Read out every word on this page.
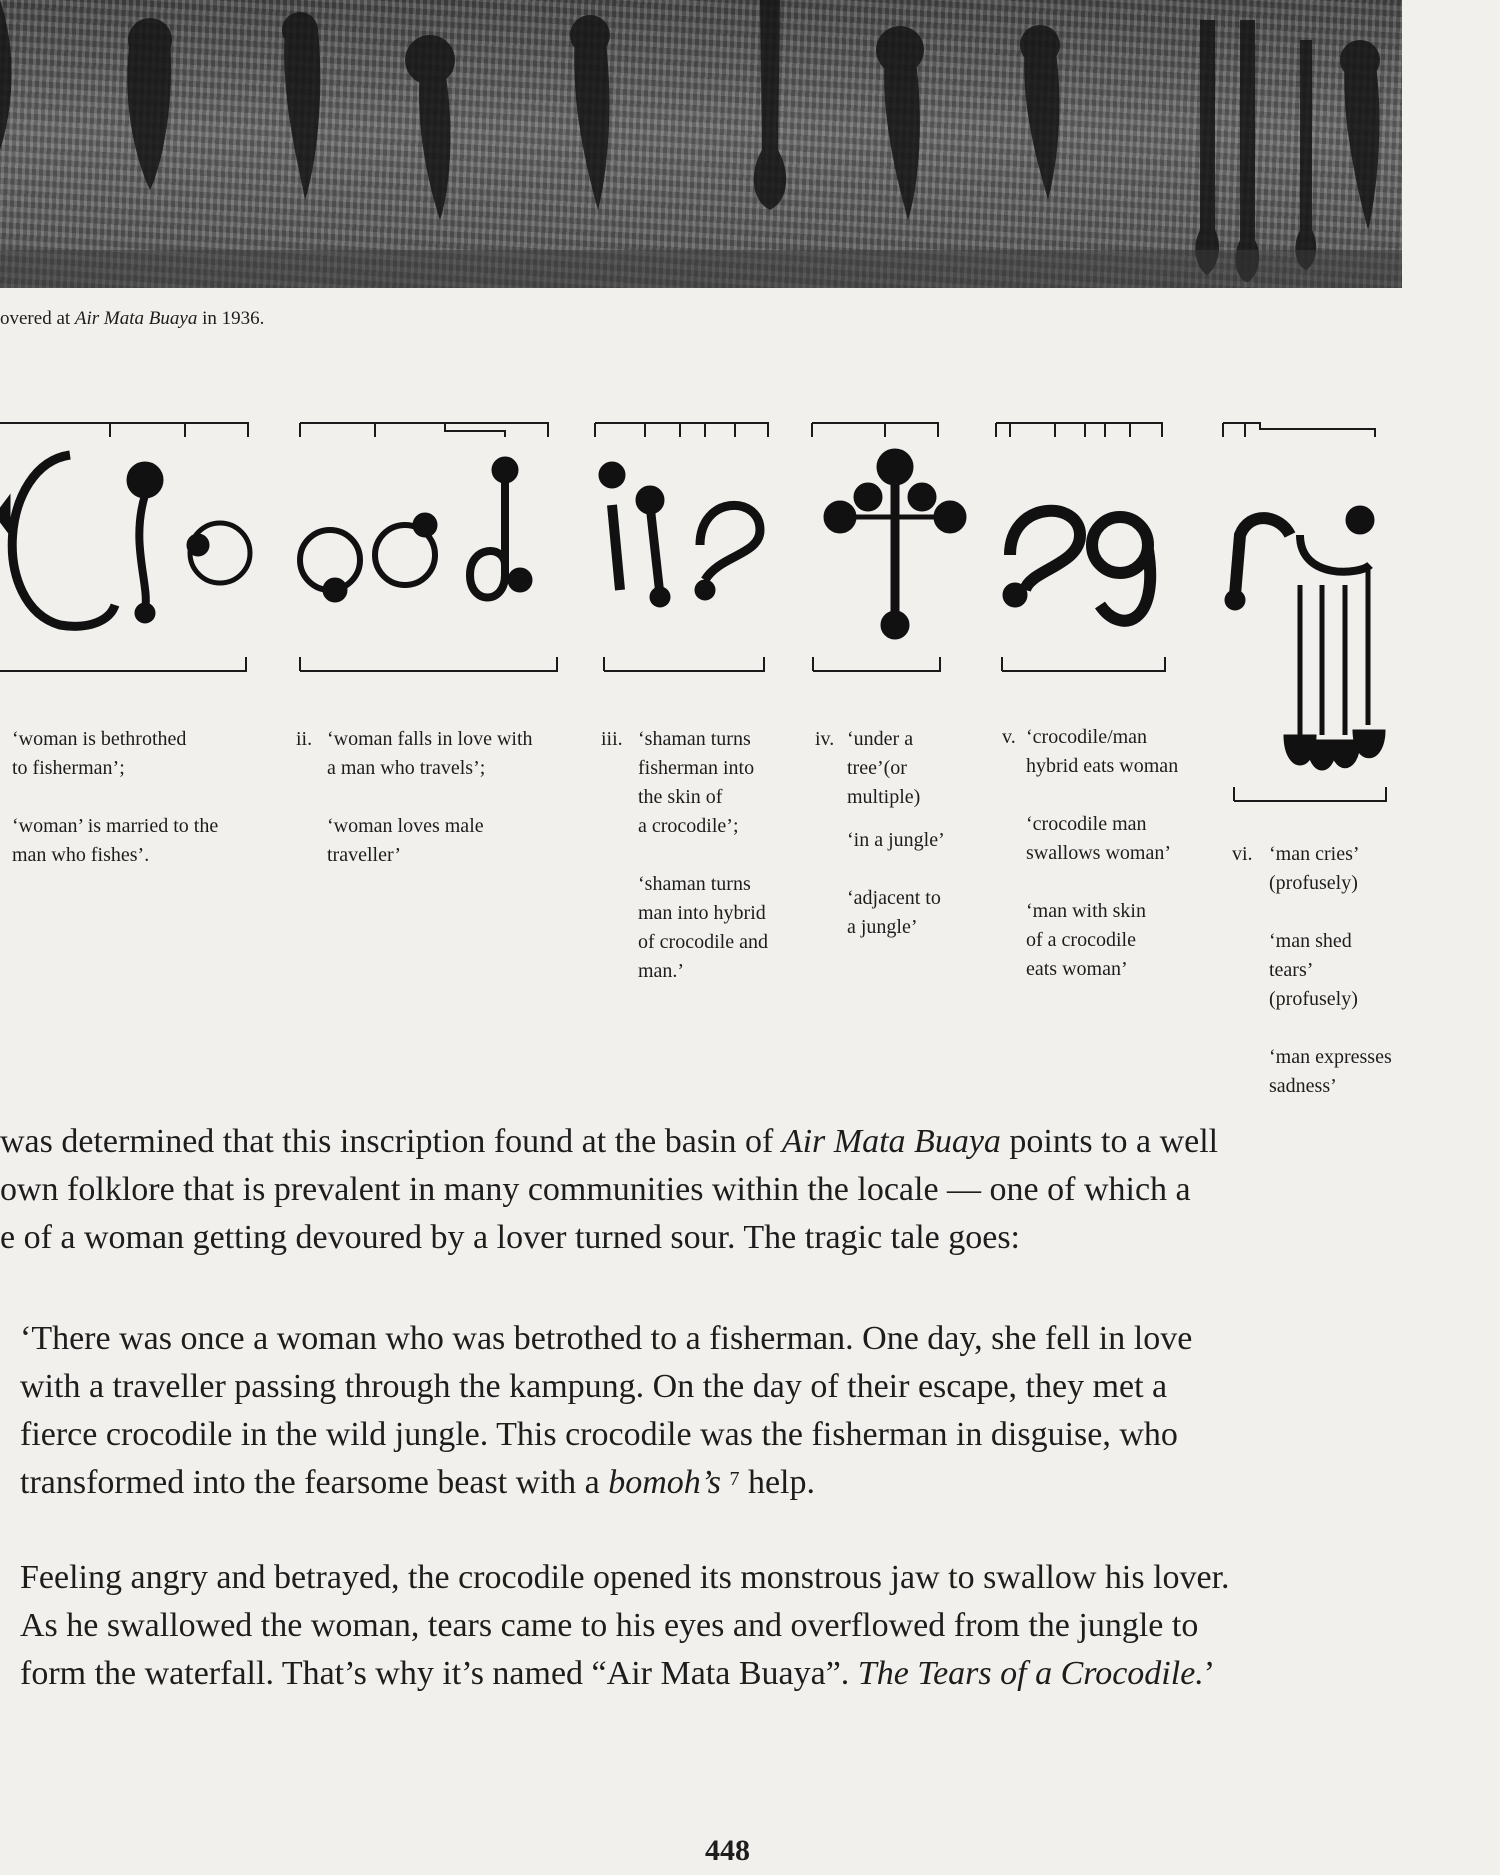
overed at Air Mata Buaya in 1936.

‘woman is bethrothed
to fisherman’;

‘woman’ is married to the
man who fishes’.

ii. ‘woman falls in love with
a man who travels’;

‘woman loves male
traveller’

iii. ‘shaman turns
fisherman into
the skin of
a crocodile’;

‘shaman turns
man into hybrid
of crocodile and
man.’

iv. ‘under a
tree’(or
multiple)

‘in a jungle’

‘adjacent to
a jungle’

v. ‘crocodile/man
hybrid eats woman

‘crocodile man
swallows woman’

‘man with skin
of a crocodile
eats woman’

vi. ‘man cries’
(profusely)

‘man shed
tears’
(profusely)

‘man expresses
sadness’

was determined that this inscription found at the basin of Air Mata Buaya points to a well
own folklore that is prevalent in many communities within the locale — one of which a
e of a woman getting devoured by a lover turned sour. The tragic tale goes:
‘There was once a woman who was betrothed to a fisherman. One day, she fell in love
with a traveller passing through the kampung. On the day of their escape, they met a
fierce crocodile in the wild jungle. This crocodile was the fisherman in disguise, who
transformed into the fearsome beast with a bomoh’s $^7$ help.
Feeling angry and betrayed, the crocodile opened its monstrous jaw to swallow his lover.
As he swallowed the woman, tears came to his eyes and overflowed from the jungle to
form the waterfall. That’s why it’s named “Air Mata Buaya”. The Tears of a Crocodile.’
448
